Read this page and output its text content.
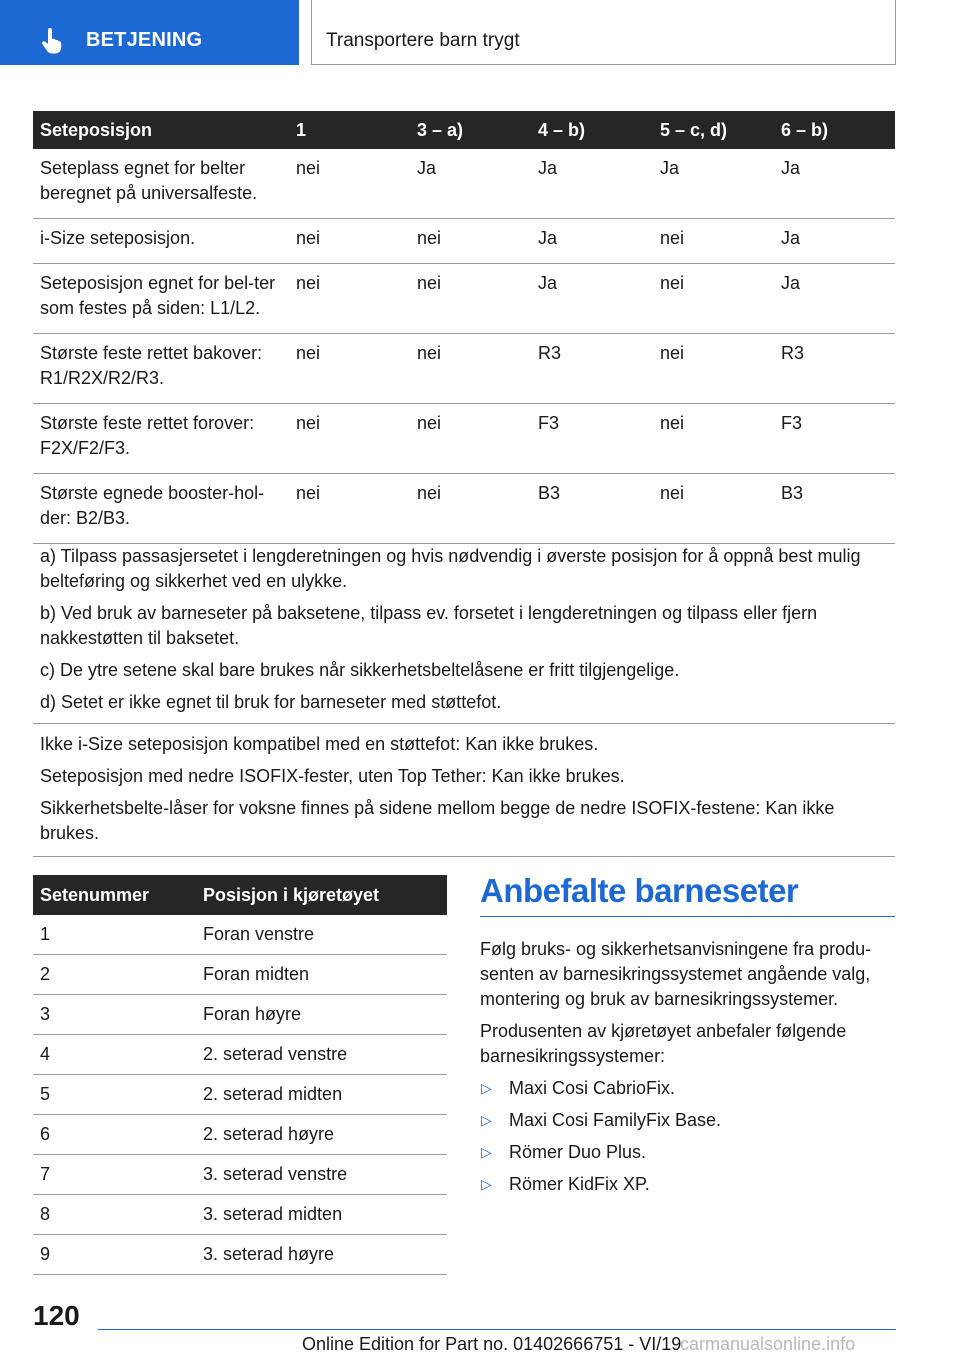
BETJENING	Transportere barn trygt
Seteposisjon	1	3 – a)	4 – b)	5 – c, d)	6 – b)
Seteplass egnet for belter beregnet på universalfeste.	nei	Ja	Ja	Ja	Ja
i-Size seteposisjon.	nei	nei	Ja	nei	Ja
Seteposisjon egnet for bel-ter som festes på siden: L1/L2.	nei	nei	Ja	nei	Ja
Største feste rettet bakover: R1/R2X/R2/R3.	nei	nei	R3	nei	R3
Største feste rettet forover: F2X/F2/F3.	nei	nei	F3	nei	F3
Største egnede booster-hol-der: B2/B3.	nei	nei	B3	nei	B3

a) Tilpass passasjersetet i lengderetningen og hvis nødvendig i øverste posisjon for å oppnå best mulig belteføring og sikkerhet ved en ulykke.

b) Ved bruk av barneseter på baksetene, tilpass ev. forsetet i lengderetningen og tilpass eller fjern nakkestøtten til baksetet.

c) De ytre setene skal bare brukes når sikkerhetsbeltelåsene er fritt tilgjengelige.

d) Setet er ikke egnet til bruk for barneseter med støttefot.

Ikke i-Size seteposisjon kompatibel med en støttefot: Kan ikke brukes.

Seteposisjon med nedre ISOFIX-fester, uten Top Tether: Kan ikke brukes.

Sikkerhetsbelte-låser for voksne finnes på sidene mellom begge de nedre ISOFIX-festene: Kan ikke brukes.

Setenummer	Posisjon i kjøretøyet
1	Foran venstre
2	Foran midten
3	Foran høyre
4	2. seterad venstre
5	2. seterad midten
6	2. seterad høyre
7	3. seterad venstre
8	3. seterad midten
9	3. seterad høyre
Anbefalte barneseter

Følg bruks- og sikkerhetsanvisningene fra produ-senten av barnesikringssystemet angående valg, montering og bruk av barnesikringssystemer.

Produsenten av kjøretøyet anbefaler følgende barnesikringssystemer:

▷ Maxi Cosi CabrioFix.
▷ Maxi Cosi FamilyFix Base.
▷ Römer Duo Plus.
▷ Römer KidFix XP.
120
Online Edition for Part no. 01402666751 - VI/19
carmanualsonline.info
